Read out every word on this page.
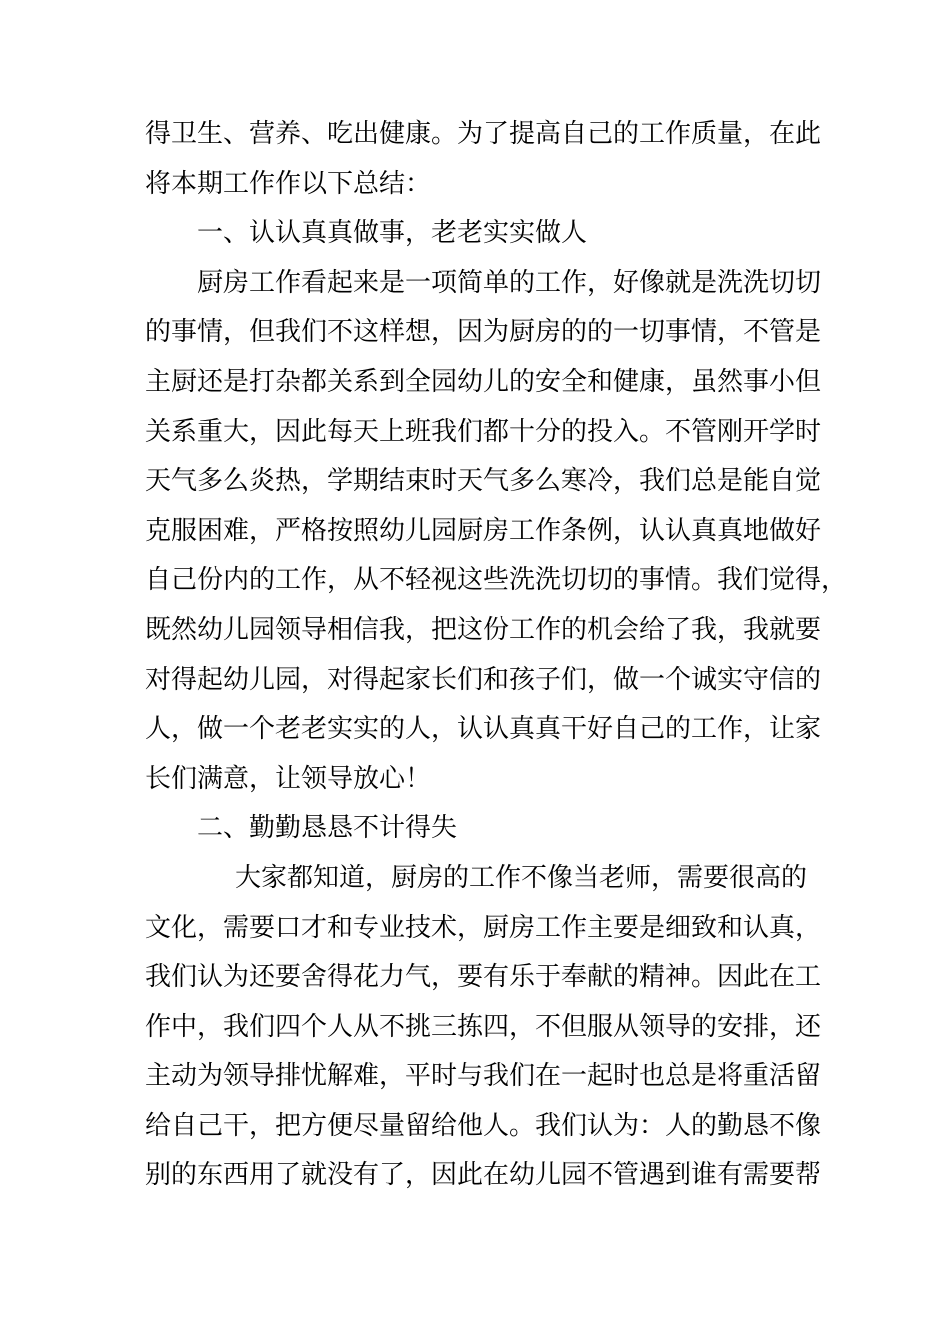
得卫生、营养、吃出健康。为了提高自己的工作质量，在此
将本期工作作以下总结：
一、认认真真做事，老老实实做人
厨房工作看起来是一项简单的工作，好像就是洗洗切切
的事情，但我们不这样想，因为厨房的的一切事情，不管是
主厨还是打杂都关系到全园幼儿的安全和健康，虽然事小但
关系重大，因此每天上班我们都十分的投入。不管刚开学时
天气多么炎热，学期结束时天气多么寒冷，我们总是能自觉
克服困难，严格按照幼儿园厨房工作条例，认认真真地做好
自己份内的工作，从不轻视这些洗洗切切的事情。我们觉得，
既然幼儿园领导相信我，把这份工作的机会给了我，我就要
对得起幼儿园，对得起家长们和孩子们，做一个诚实守信的
人，做一个老老实实的人，认认真真干好自己的工作，让家
长们满意，让领导放心！
二、勤勤恳恳不计得失
大家都知道，厨房的工作不像当老师，需要很高的
文化，需要口才和专业技术，厨房工作主要是细致和认真，
我们认为还要舍得花力气，要有乐于奉献的精神。因此在工
作中，我们四个人从不挑三拣四，不但服从领导的安排，还
主动为领导排忧解难，平时与我们在一起时也总是将重活留
给自己干，把方便尽量留给他人。我们认为：人的勤恳不像
别的东西用了就没有了，因此在幼儿园不管遇到谁有需要帮
